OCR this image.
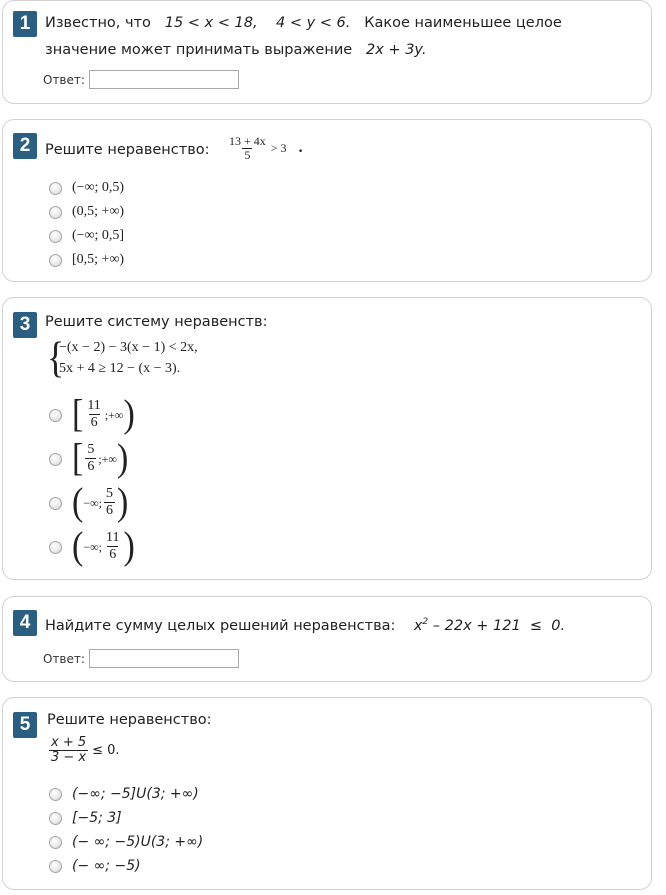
1	Известно, что 15 < x < 18,    4 < y < 6. Какое наименьшее целое
значение может принимать выражение 2x + 3y.
Ответ:
2	Решите неравенство: $\frac{13 + 4x}{5} > 3$ .
(−∞; 0,5)
(0,5; +∞)
(−∞; 0,5]
[0,5; +∞)
3	Решите систему неравенств:
{
−(x − 2) − 3(x − 1) < 2x,
5x + 4 ≥ 12 − (x − 3).
[ $\frac{11}{6}$ ;+∞ )
[ $\frac{5}{6}$ ;+∞ )
( −∞; $\frac{5}{6}$ )
( −∞; $\frac{11}{6}$ )
4	Найдите сумму целых решений неравенства: $x^2 - 22x + 121 \le 0$.
Ответ:
5	Решите неравенство:
$\frac{x + 5}{3 - x} \le 0$.
(−∞; −5]U(3; +∞)
[−5; 3]
(− ∞; −5)U(3; +∞)
(− ∞; −5)
